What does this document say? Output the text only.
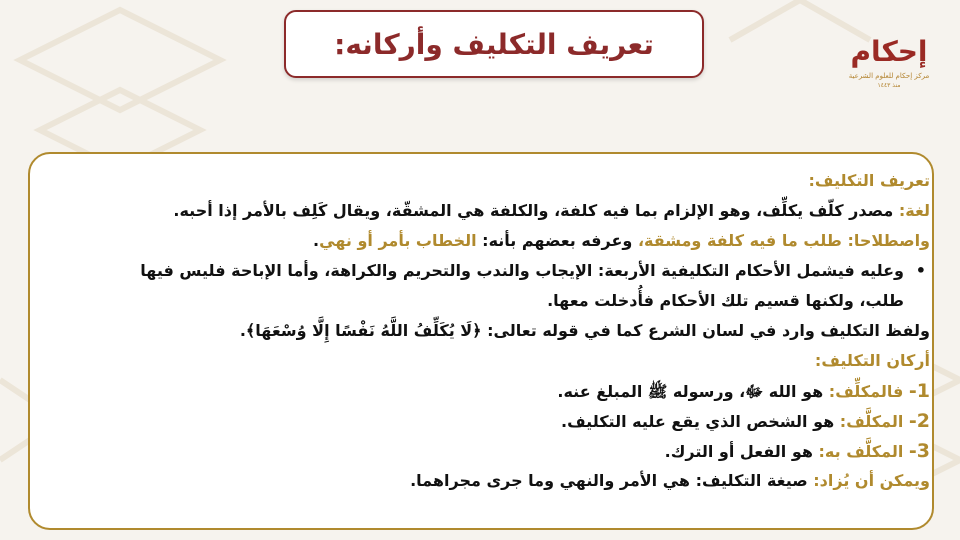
تعريف التكليف وأركانه:	إحكام
مركز إحكام للعلوم الشرعية
منذ ١٤٤٣
تعريف التكليف:
لغة: مصدر كلّف يكلِّف، وهو الإلزام بما فيه كلفة، والكلفة هي المشقّة، ويقال كَلِف بالأمر إذا أحبه.
واصطلاحا: طلب ما فيه كلفة ومشقة، وعرفه بعضهم بأنه: الخطاب بأمر أو نهي.
•
وعليه فيشمل الأحكام التكليفية الأربعة: الإيجاب والندب والتحريم والكراهة، وأما الإباحة فليس فيها
طلب، ولكنها قسيم تلك الأحكام فأُدخلت معها.
ولفظ التكليف وارد في لسان الشرع كما في قوله تعالى: ﴿لَا يُكَلِّفُ اللَّهُ نَفْسًا إِلَّا وُسْعَهَا﴾.
أركان التكليف:
1- فالمكلِّف: هو الله ﷻ، ورسوله ﷺ المبلغ عنه.
2- المكلَّف: هو الشخص الذي يقع عليه التكليف.
3- المكلَّف به: هو الفعل أو الترك.
ويمكن أن يُزاد: صيغة التكليف: هي الأمر والنهي وما جرى مجراهما.
